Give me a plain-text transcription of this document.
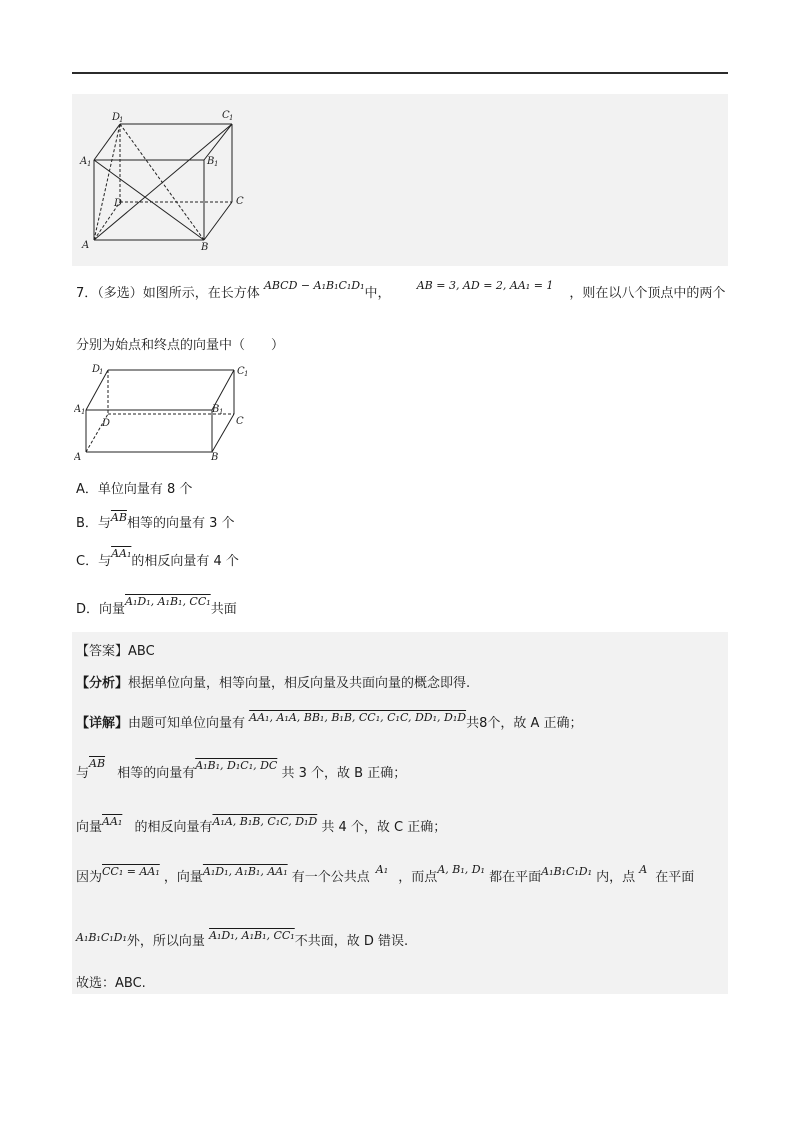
D
1	C 1
A 1	B 1
D	C
A	B
7．（多选）如图所示，在长方体 $^{ABCD - A_1B_1C_1D_1}$中， $^{AB = 3, AD = 2, AA_1 = 1}$，则在以八个顶点中的两个
分别为始点和终点的向量中（　　）
D
1	C 1
A 1	B 1
D	C
A	B
A．单位向量有 8 个
B．与$^{\overline{AB}}$相等的向量有 3 个
C．与$^{AA_1}$的相反向量有 4 个
D．向量$^{A_1D_1, A_1B_1, CC_1}$共面
【答案】ABC
【分析】根据单位向量，相等向量，相反向量及共面向量的概念即得.
【详解】由题可知单位向量有 $^{AA_1, A_1A, BB_1, B_1B, CC_1, C_1C, DD_1, D_1D}$共8个，故 A 正确；
与$^{\overline{AB}}$ 相等的向量有$^{A_1B_1, D_1C_1, DC}$ 共 3 个，故 B 正确；
向量$^{AA_1}$ 的相反向量有$^{A_1A, B_1B, C_1C, D_1D}$ 共 4 个，故 C 正确；
因为$^{CC_1 = AA_1}$ ，向量$^{A_1D_1, A_1B_1, AA_1}$ 有一个公共点$^{A_1}$ ，而点$^{A, B_1, D_1}$ 都在平面$^{A_1B_1C_1D_1}$ 内，点$^A$ 在平面
$^{A_1B_1C_1D_1}$外，所以向量 $^{A_1D_1, A_1B_1, CC_1}$不共面，故 D 错误.
故选：ABC.
